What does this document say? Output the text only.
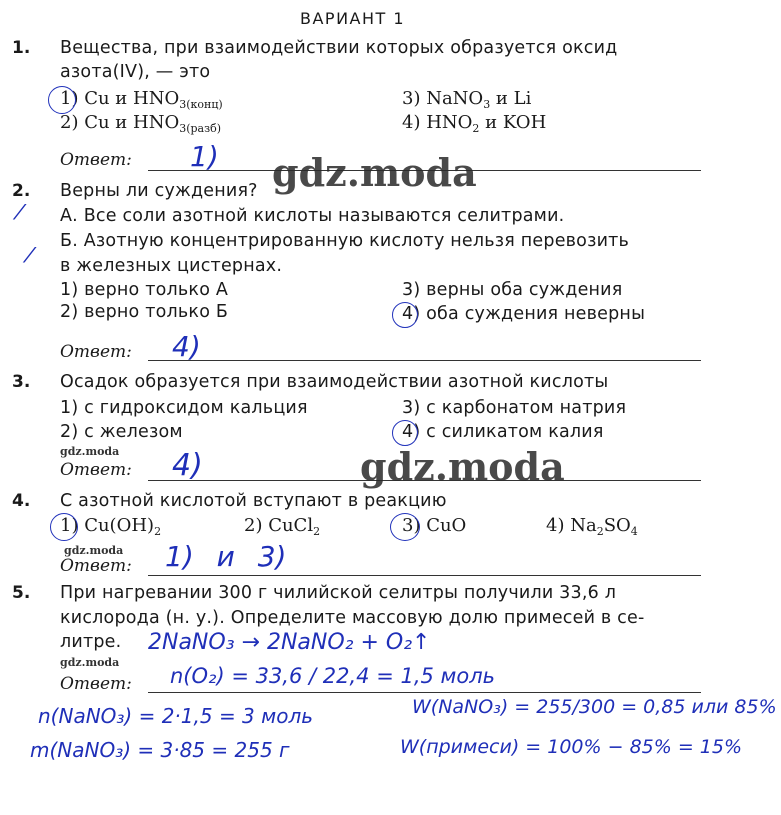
ВАРИАНТ 1
1. Вещества, при взаимодействии которых образуется оксид
азота(IV), — это
1) Cu и $HNO_{3(конц)}$
2) Cu и $HNO_{3(разб)}$
3) NaNO$_3$ и Li
4) $HNO_2$ и KOH
Ответ: 1) gdz.moda
2. Верны ли суждения?
⁄ А. Все соли азотной кислоты называются селитрами.
Б. Азотную концентрированную кислоту нельзя перевозить
⁄ в железных цистернах.
1) верно только А
2) верно только Б
3) верны оба суждения
4) оба суждения неверны
Ответ: 4)
3. Осадок образуется при взаимодействии азотной кислоты
1) с гидроксидом кальция
2) с железом
3) с карбонатом натрия
4) с силикатом калия
gdz.moda
Ответ: 4)	gdz.moda
4. С азотной кислотой вступают в реакцию
1) $Cu(OH)_2$	2) CuCl$_2$	3) CuO	4) $Na_2SO_4$
gdz.moda
Ответ: 1) и 3)
5. При нагревании 300 г чилийской селитры получили 33,6 л
кислорода (н. у.). Определите массовую долю примесей в се-
литре. 2NaNO₃ → 2NaNO₂ + O₂↑
gdz.moda
Ответ: n(O₂) = 33,6 / 22,4 = 1,5 моль
n(NaNO₃) = 2·1,5 = 3 моль	W(NaNO₃) = 255/300 = 0,85 или 85%
m(NaNO₃) = 3·85 = 255 г	W(примеси) = 100% − 85% = 15%
